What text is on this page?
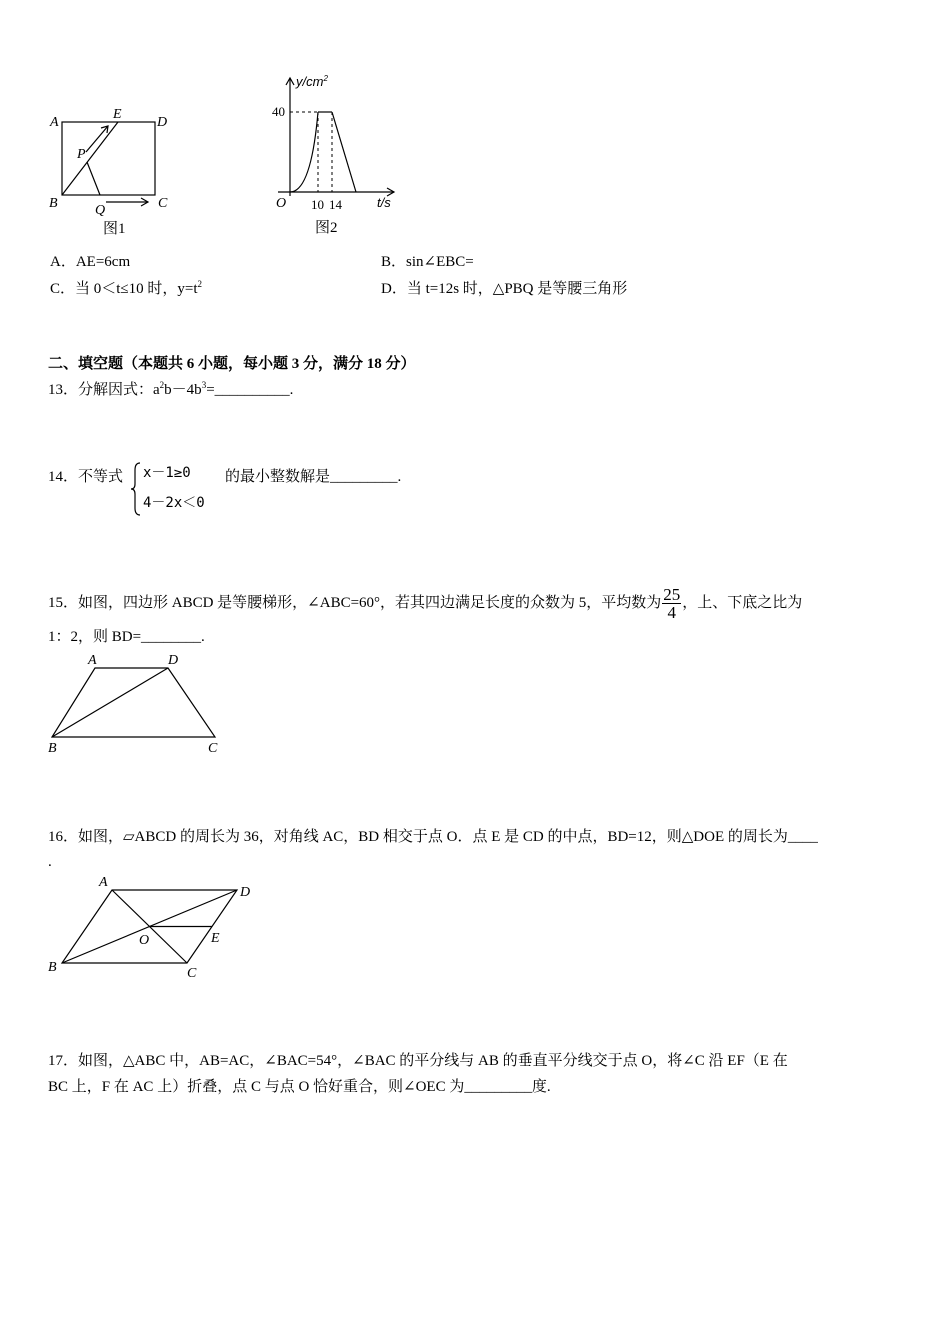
A
E
D
P
B	Q	C
图1
$y/cm^2$
40
O 10 14	t/s
图2
A	D
B	C
A
D
O	E
B	C
A．AE=6cm	B．sin∠EBC=
C．当 0＜t≤10 时，$y=t^2$	D．当 t=12s 时，△PBQ 是等腰三角形
二、填空题（本题共 6 小题，每小题 3 分，满分 18 分）
13．分解因式：$a^2b-4b^3=\_\_\_\_\_\_\_\_\_\_$.
14．不等式 x－1≥0
4－2x＜0
的最小整数解是_________.
15．如图，四边形 ABCD 是等腰梯形，∠ABC=60°，若其四边满足长度的众数为 5，平均数为 $\frac{25}{4}$ ，上、下底之比为
1：2，则 BD=________.
16．如图，▱ABCD 的周长为 36，对角线 AC，BD 相交于点 O．点 E 是 CD 的中点，BD=12，则△DOE 的周长为____
.
17．如图，△ABC 中，AB=AC，∠BAC=54°，∠BAC 的平分线与 AB 的垂直平分线交于点 O，将∠C 沿 EF（E 在
BC 上，F 在 AC 上）折叠，点 C 与点 O 恰好重合，则∠OEC 为_________度.
